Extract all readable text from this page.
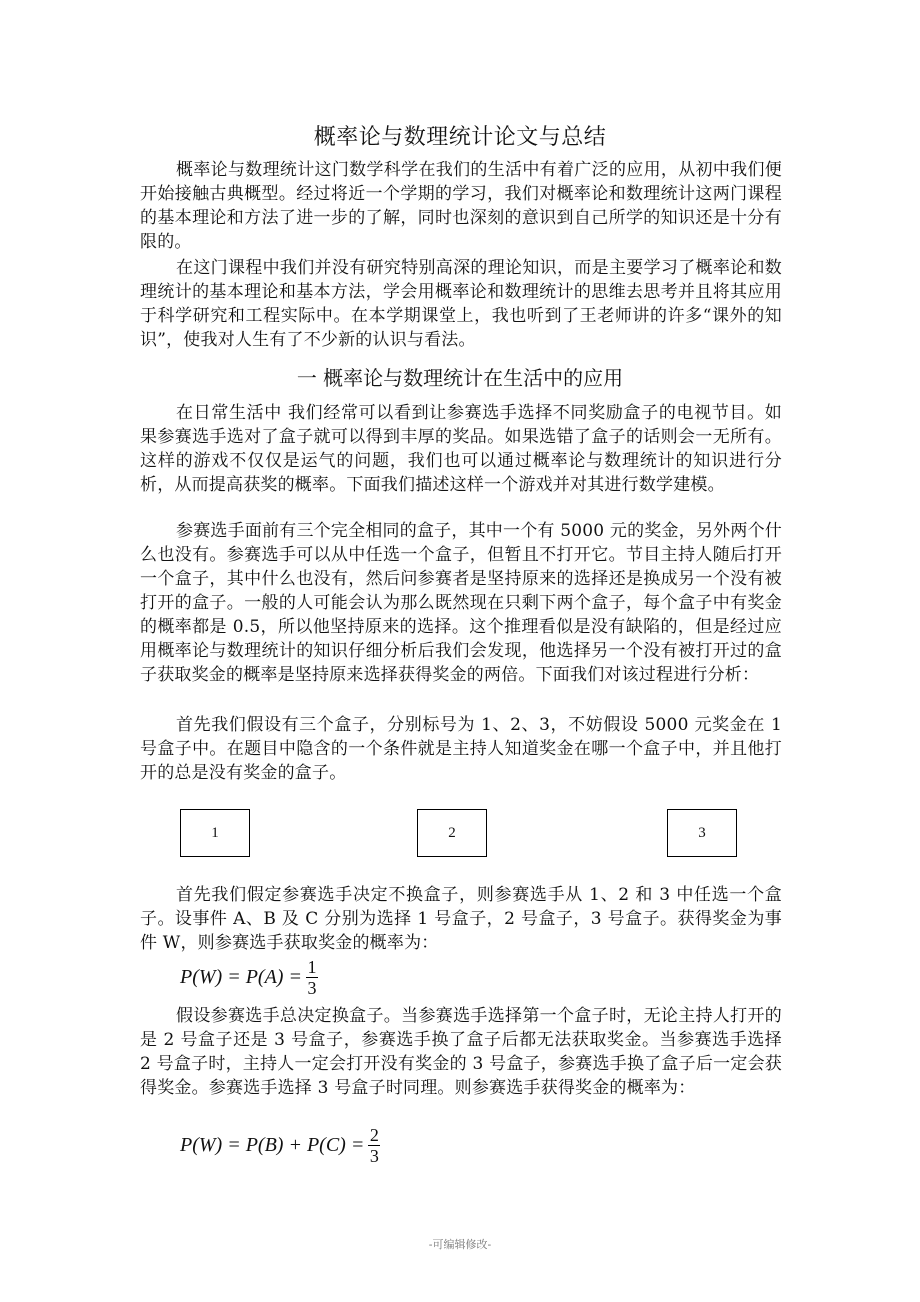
概率论与数理统计论文与总结

概率论与数理统计这门数学科学在我们的生活中有着广泛的应用，从初中我们便开始接触古典概型。经过将近一个学期的学习，我们对概率论和数理统计这两门课程的基本理论和方法了进一步的了解，同时也深刻的意识到自己所学的知识还是十分有限的。

在这门课程中我们并没有研究特别高深的理论知识，而是主要学习了概率论和数理统计的基本理论和基本方法，学会用概率论和数理统计的思维去思考并且将其应用于科学研究和工程实际中。在本学期课堂上，我也听到了王老师讲的许多“课外的知识”，使我对人生有了不少新的认识与看法。

一 概率论与数理统计在生活中的应用

在日常生活中 我们经常可以看到让参赛选手选择不同奖励盒子的电视节目。如果参赛选手选对了盒子就可以得到丰厚的奖品。如果选错了盒子的话则会一无所有。这样的游戏不仅仅是运气的问题，我们也可以通过概率论与数理统计的知识进行分析，从而提高获奖的概率。下面我们描述这样一个游戏并对其进行数学建模。

参赛选手面前有三个完全相同的盒子，其中一个有 5000 元的奖金，另外两个什么也没有。参赛选手可以从中任选一个盒子，但暂且不打开它。节目主持人随后打开一个盒子，其中什么也没有，然后问参赛者是坚持原来的选择还是换成另一个没有被打开的盒子。一般的人可能会认为那么既然现在只剩下两个盒子，每个盒子中有奖金的概率都是 0.5，所以他坚持原来的选择。这个推理看似是没有缺陷的，但是经过应用概率论与数理统计的知识仔细分析后我们会发现，他选择另一个没有被打开过的盒子获取奖金的概率是坚持原来选择获得奖金的两倍。下面我们对该过程进行分析：

首先我们假设有三个盒子，分别标号为 1、2、3，不妨假设 5000 元奖金在 1 号盒子中。在题目中隐含的一个条件就是主持人知道奖金在哪一个盒子中，并且他打开的总是没有奖金的盒子。

1	2	3

首先我们假定参赛选手决定不换盒子，则参赛选手从 1、2 和 3 中任选一个盒子。设事件 A、B 及 C 分别为选择 1 号盒子，2 号盒子，3 号盒子。获得奖金为事件 W，则参赛选手获取奖金的概率为：

$P(W) = P(A) = \frac{1}{3}$

假设参赛选手总决定换盒子。当参赛选手选择第一个盒子时，无论主持人打开的是 2 号盒子还是 3 号盒子，参赛选手换了盒子后都无法获取奖金。当参赛选手选择 2 号盒子时，主持人一定会打开没有奖金的 3 号盒子，参赛选手换了盒子后一定会获得奖金。参赛选手选择 3 号盒子时同理。则参赛选手获得奖金的概率为：

$P(W) = P(B) + P(C) = \frac{2}{3}$
-可编辑修改-
